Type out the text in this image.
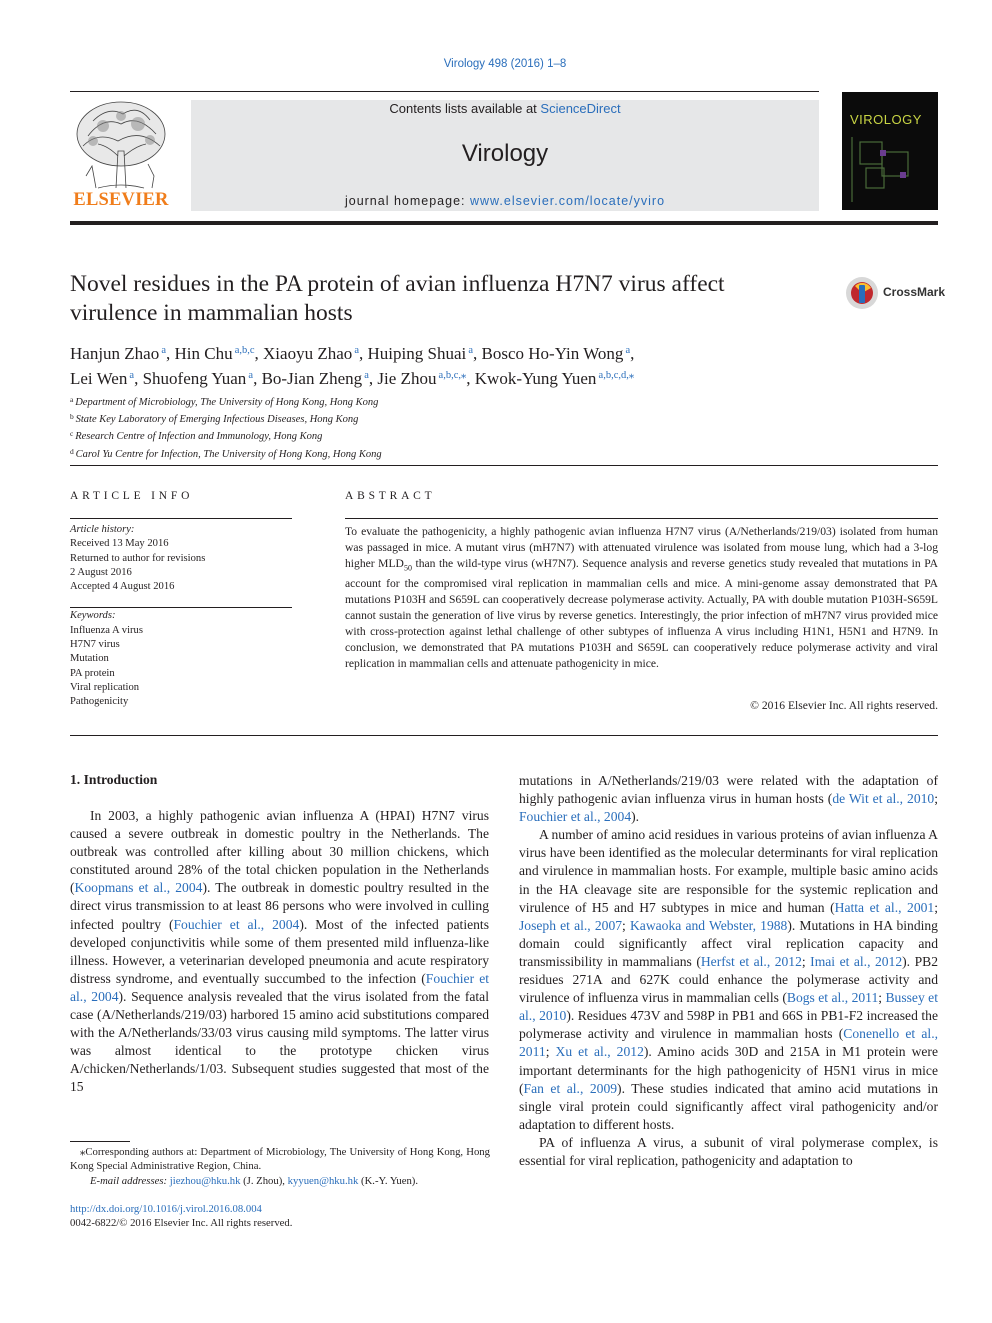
Virology 498 (2016) 1–8
ELSEVIER
Contents lists available at ScienceDirect
Virology
journal homepage: www.elsevier.com/locate/yviro
VIROLOGY
Novel residues in the PA protein of avian influenza H7N7 virus affect
virulence in mammalian hosts
CrossMark
Hanjun Zhao $^a$, Hin Chu $^{a,b,c}$, Xiaoyu Zhao $^a$, Huiping Shuai $^a$, Bosco Ho-Yin Wong $^a$,
Lei Wen $^a$, Shuofeng Yuan $^a$, Bo-Jian Zheng $^a$, Jie Zhou $^{a,b,c,⁎}$, Kwok-Yung Yuen $^{a,b,c,d,⁎}$
$^a$ Department of Microbiology, The University of Hong Kong, Hong Kong
$^b$ State Key Laboratory of Emerging Infectious Diseases, Hong Kong
$^c$ Research Centre of Infection and Immunology, Hong Kong
$^d$ Carol Yu Centre for Infection, The University of Hong Kong, Hong Kong
ARTICLE INFO	ABSTRACT
Article history:
Received 13 May 2016
Returned to author for revisions
2 August 2016
Accepted 4 August 2016
Keywords:
Influenza A virus
H7N7 virus
Mutation
PA protein
Viral replication
Pathogenicity
To evaluate the pathogenicity, a highly pathogenic avian influenza H7N7 virus (A/Netherlands/219/03) isolated from human was passaged in mice. A mutant virus (mH7N7) with attenuated virulence was isolated from mouse lung, which had a 3-log higher $MLD_{50}$ than the wild-type virus (wH7N7). Sequence analysis and reverse genetics study revealed that mutations in PA account for the compromised viral replication in mammalian cells and mice. A mini-genome assay demonstrated that PA mutations P103H and S659L can cooperatively decrease polymerase activity. Actually, PA with double mutation P103H-S659L cannot sustain the generation of live virus by reverse genetics. Interestingly, the prior infection of mH7N7 virus provided mice with cross-protection against lethal challenge of other subtypes of influenza A virus including H1N1, H5N1 and H7N9. In conclusion, we demonstrated that PA mutations P103H and S659L can cooperatively reduce polymerase activity and viral replication in mammalian cells and attenuate pathogenicity in mice.
© 2016 Elsevier Inc. All rights reserved.
1. Introduction

In 2003, a highly pathogenic avian influenza A (HPAI) H7N7 virus caused a severe outbreak in domestic poultry in the Netherlands. The outbreak was controlled after killing about 30 million chickens, which constituted around 28% of the total chicken population in the Netherlands (Koopmans et al., 2004). The outbreak in domestic poultry resulted in the direct virus transmission to at least 86 persons who were involved in culling infected poultry (Fouchier et al., 2004). Most of the infected patients developed conjunctivitis while some of them presented mild influenza-like illness. However, a veterinarian developed pneumonia and acute respiratory distress syndrome, and eventually succumbed to the infection (Fouchier et al., 2004). Sequence analysis revealed that the virus isolated from the fatal case (A/Netherlands/219/03) harbored 15 amino acid substitutions compared with the A/Netherlands/33/03 virus causing mild symptoms. The latter virus was almost identical to the prototype chicken virus A/chicken/Netherlands/1/03. Subsequent studies suggested that most of the 15

mutations in A/Netherlands/219/03 were related with the adaptation of highly pathogenic avian influenza virus in human hosts (de Wit et al., 2010; Fouchier et al., 2004).

A number of amino acid residues in various proteins of avian influenza A virus have been identified as the molecular determinants for viral replication and virulence in mammalian hosts. For example, multiple basic amino acids in the HA cleavage site are responsible for the systemic replication and virulence of H5 and H7 subtypes in mice and human (Hatta et al., 2001; Joseph et al., 2007; Kawaoka and Webster, 1988). Mutations in HA binding domain could significantly affect viral replication capacity and transmissibility in mammalians (Herfst et al., 2012; Imai et al., 2012). PB2 residues 271A and 627K could enhance the polymerase activity and virulence of influenza virus in mammalian cells (Bogs et al., 2011; Bussey et al., 2010). Residues 473V and 598P in PB1 and 66S in PB1-F2 increased the polymerase activity and virulence in mammalian hosts (Conenello et al., 2011; Xu et al., 2012). Amino acids 30D and 215A in M1 protein were important determinants for the high pathogenicity of H5N1 virus in mice (Fan et al., 2009). These studies indicated that amino acid mutations in single viral protein could significantly affect viral pathogenicity and/or adaptation to different hosts.

PA of influenza A virus, a subunit of viral polymerase complex, is essential for viral replication, pathogenicity and adaptation to

⁎Corresponding authors at: Department of Microbiology, The University of Hong Kong, Hong Kong Special Administrative Region, China.
E-mail addresses: jiezhou@hku.hk (J. Zhou), kyyuen@hku.hk (K.-Y. Yuen).
http://dx.doi.org/10.1016/j.virol.2016.08.004
0042-6822/© 2016 Elsevier Inc. All rights reserved.
